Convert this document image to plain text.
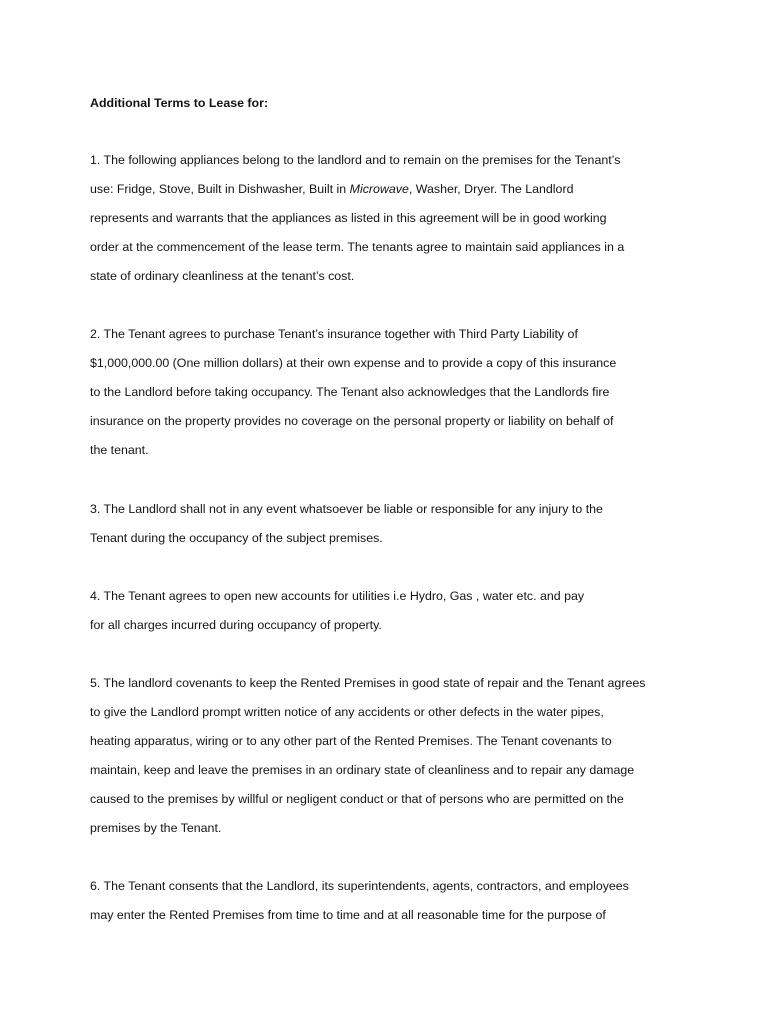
Additional Terms to Lease for:
1. The following appliances belong to the landlord and to remain on the premises for the Tenant’s
use: Fridge, Stove, Built in Dishwasher, Built in Microwave, Washer, Dryer. The Landlord
represents and warrants that the appliances as listed in this agreement will be in good working
order at the commencement of the lease term. The tenants agree to maintain said appliances in a
state of ordinary cleanliness at the tenant’s cost.
2. The Tenant agrees to purchase Tenant’s insurance together with Third Party Liability of
$1,000,000.00 (One million dollars) at their own expense and to provide a copy of this insurance
to the Landlord before taking occupancy. The Tenant also acknowledges that the Landlords fire
insurance on the property provides no coverage on the personal property or liability on behalf of
the tenant.
3. The Landlord shall not in any event whatsoever be liable or responsible for any injury to the
Tenant during the occupancy of the subject premises.
4. The Tenant agrees to open new accounts for utilities i.e Hydro, Gas , water etc. and pay
for all charges incurred during occupancy of property.
5. The landlord covenants to keep the Rented Premises in good state of repair and the Tenant agrees
to give the Landlord prompt written notice of any accidents or other defects in the water pipes,
heating apparatus, wiring or to any other part of the Rented Premises. The Tenant covenants to
maintain, keep and leave the premises in an ordinary state of cleanliness and to repair any damage
caused to the premises by willful or negligent conduct or that of persons who are permitted on the
premises by the Tenant.
6. The Tenant consents that the Landlord, its superintendents, agents, contractors, and employees
may enter the Rented Premises from time to time and at all reasonable time for the purpose of
